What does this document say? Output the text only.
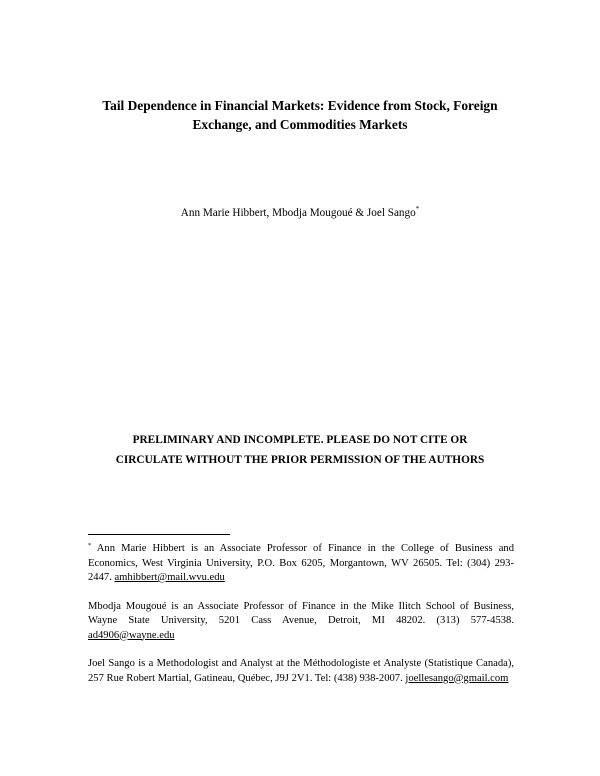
Tail Dependence in Financial Markets: Evidence from Stock, Foreign
Exchange, and Commodities Markets
Ann Marie Hibbert, Mbodja Mougoué & Joel Sango*
PRELIMINARY AND INCOMPLETE. PLEASE DO NOT CITE OR
CIRCULATE WITHOUT THE PRIOR PERMISSION OF THE AUTHORS

* Ann Marie Hibbert is an Associate Professor of Finance in the College of Business and Economics, West Virginia University, P.O. Box 6205, Morgantown, WV 26505. Tel: (304) 293-2447. amhibbert@mail.wvu.edu

Mbodja Mougoué is an Associate Professor of Finance in the Mike Ilitch School of Business, Wayne State University, 5201 Cass Avenue, Detroit, MI 48202. (313) 577-4538. ad4906@wayne.edu

Joel Sango is a Methodologist and Analyst at the Méthodologiste et Analyste (Statistique Canada), 257 Rue Robert Martial, Gatineau, Québec, J9J 2V1. Tel: (438) 938-2007. joellesango@gmail.com
